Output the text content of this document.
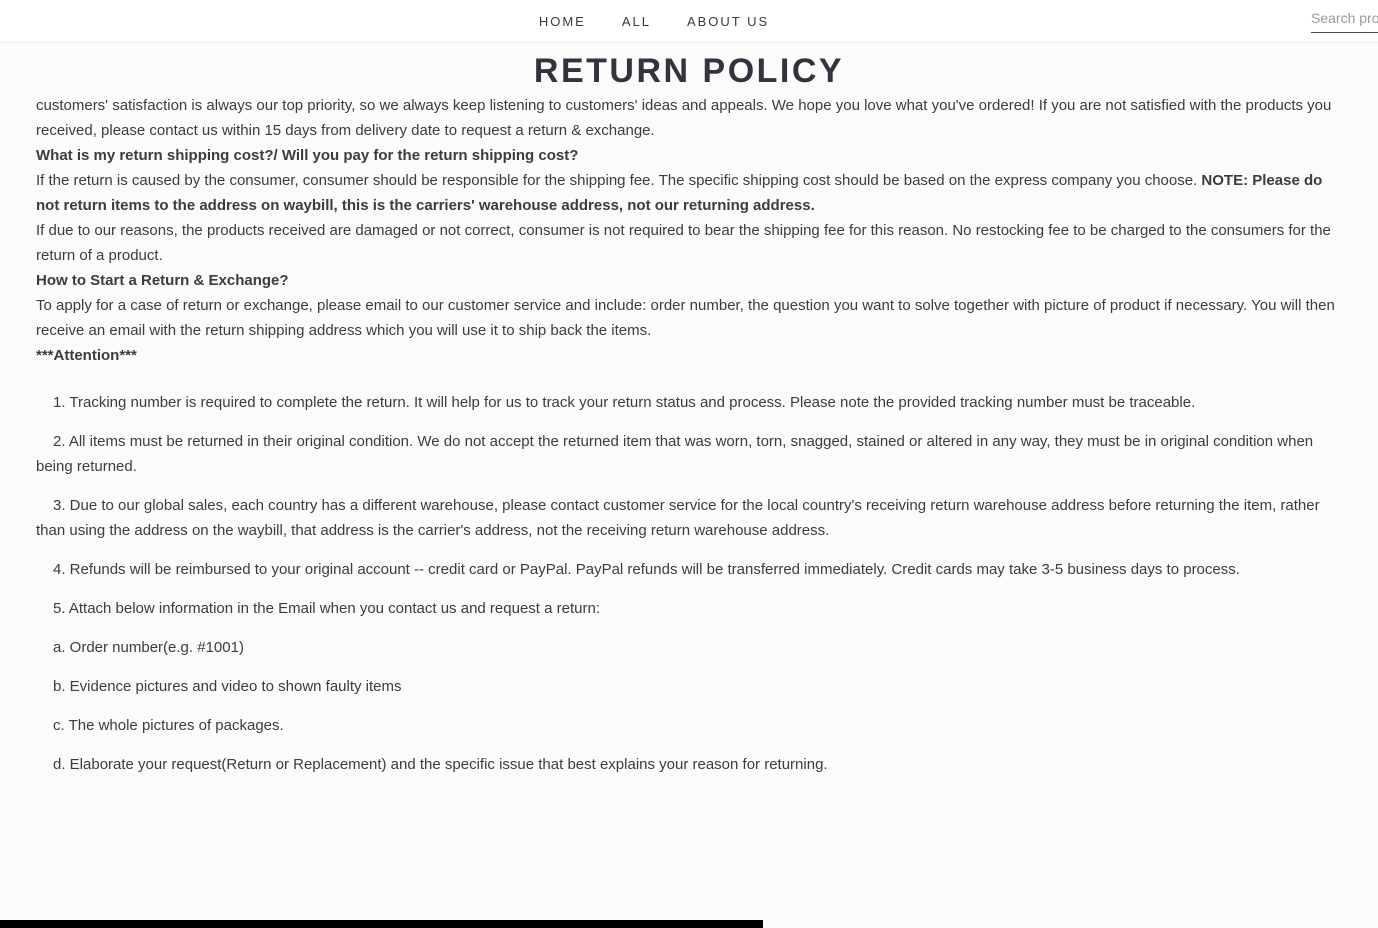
HOME	ALL	ABOUT US
Search pro
RETURN POLICY

customers' satisfaction is always our top priority, so we always keep listening to customers' ideas and appeals. We hope you love what you've ordered! If you are not satisfied with the products you received, please contact us within 15 days from delivery date to request a return & exchange.

What is my return shipping cost?/ Will you pay for the return shipping cost?

If the return is caused by the consumer, consumer should be responsible for the shipping fee. The specific shipping cost should be based on the express company you choose. NOTE: Please do not return items to the address on waybill, this is the carriers' warehouse address, not our returning address.

If due to our reasons, the products received are damaged or not correct, consumer is not required to bear the shipping fee for this reason. No restocking fee to be charged to the consumers for the return of a product.

How to Start a Return & Exchange?

To apply for a case of return or exchange, please email to our customer service and include: order number, the question you want to solve together with picture of product if necessary. You will then receive an email with the return shipping address which you will use it to ship back the items.

***Attention***

1. Tracking number is required to complete the return. It will help for us to track your return status and process. Please note the provided tracking number must be traceable.
2. All items must be returned in their original condition. We do not accept the returned item that was worn, torn, snagged, stained or altered in any way, they must be in original condition when being returned.
3. Due to our global sales, each country has a different warehouse, please contact customer service for the local country's receiving return warehouse address before returning the item, rather than using the address on the waybill, that address is the carrier's address, not the receiving return warehouse address.
4. Refunds will be reimbursed to your original account -- credit card or PayPal. PayPal refunds will be transferred immediately. Credit cards may take 3-5 business days to process.
5. Attach below information in the Email when you contact us and request a return:
a. Order number(e.g. #1001)
b. Evidence pictures and video to shown faulty items
c. The whole pictures of packages.
d. Elaborate your request(Return or Replacement) and the specific issue that best explains your reason for returning.
